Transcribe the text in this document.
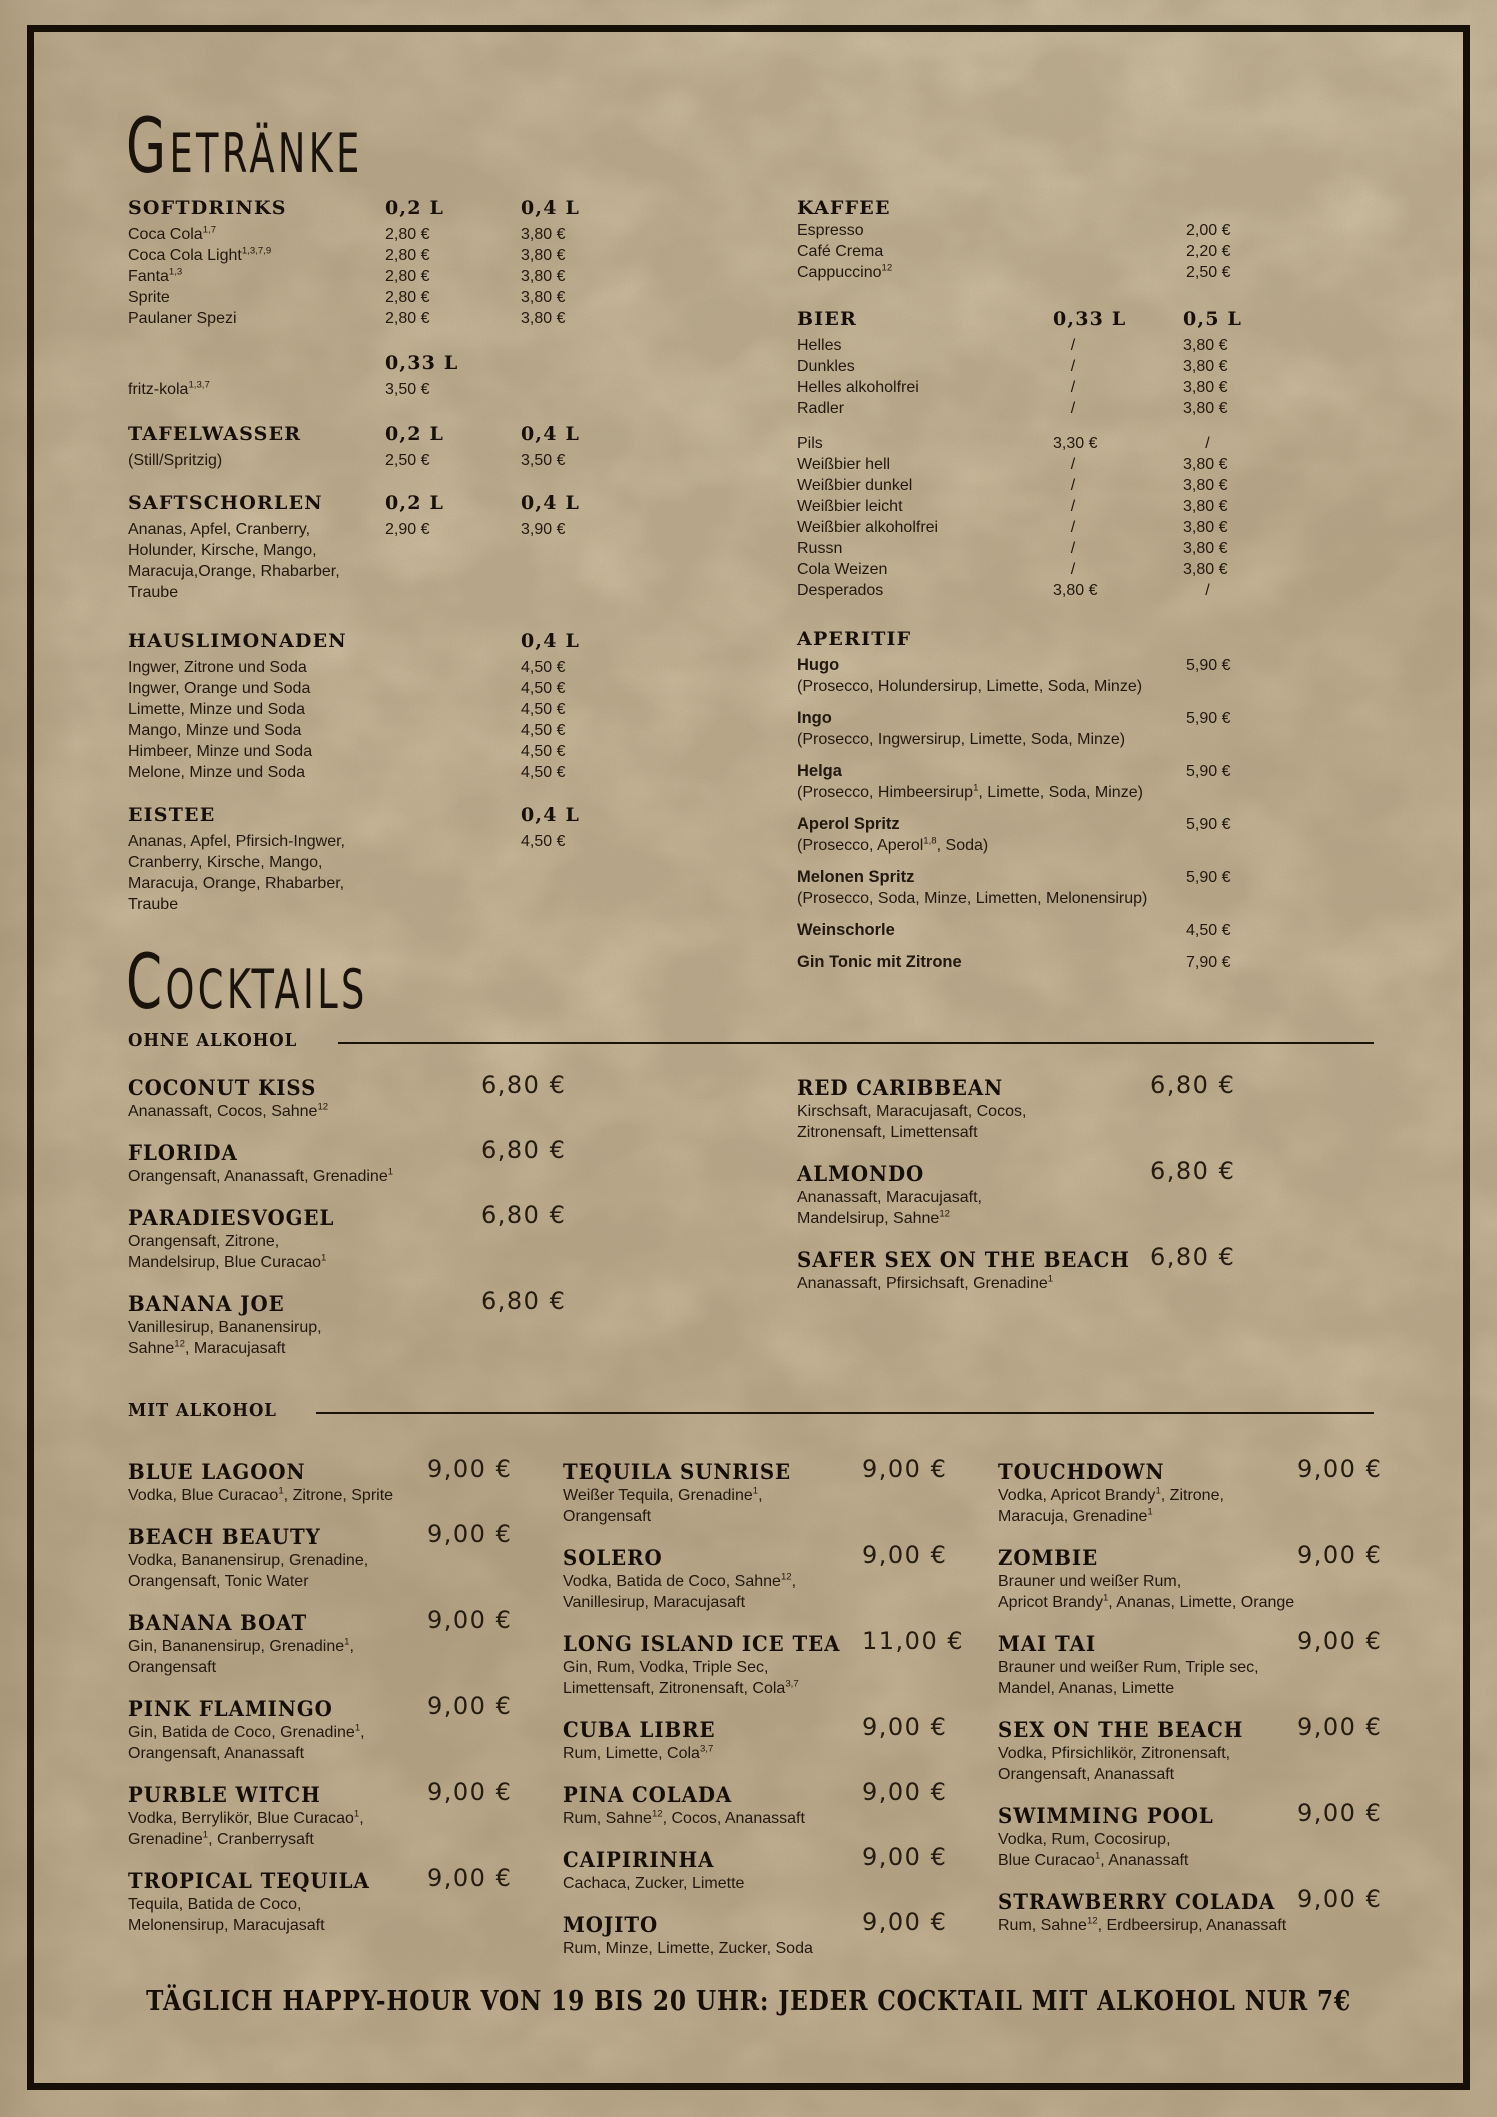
GETRÄNKE
SOFTDRINKS	0,2 L	0,4 L
Coca Cola$^{1,7}$	2,80 €	3,80 €
Coca Cola Light$^{1,3,7,9}$	2,80 €	3,80 €
Fanta$^{1,3}$	2,80 €	3,80 €
Sprite	2,80 €	3,80 €
Paulaner Spezi	2,80 €	3,80 €
0,33 L
fritz-kola$^{1,3,7}$	3,50 €
TAFELWASSER	0,2 L	0,4 L
(Still/Spritzig)	2,50 €	3,50 €
SAFTSCHORLEN	0,2 L	0,4 L
Ananas, Apfel, Cranberry,
Holunder, Kirsche, Mango,
Maracuja,Orange, Rhabarber,
Traube
2,90 €	3,90 €
HAUSLIMONADEN	0,4 L
Ingwer, Zitrone und Soda	4,50 €
Ingwer, Orange und Soda	4,50 €
Limette, Minze und Soda	4,50 €
Mango, Minze und Soda	4,50 €
Himbeer, Minze und Soda	4,50 €
Melone, Minze und Soda	4,50 €
EISTEE	0,4 L
Ananas, Apfel, Pfirsich-Ingwer,
Cranberry, Kirsche, Mango,
Maracuja, Orange, Rhabarber,
Traube
4,50 €
KAFFEE
Espresso	2,00 €
Café Crema	2,20 €
Cappuccino$^{12}$	2,50 €
BIER	0,33 L	0,5 L
Helles	/	3,80 €
Dunkles	/	3,80 €
Helles alkoholfrei	/	3,80 €
Radler	/	3,80 €
Pils	3,30 €	/
Weißbier hell	/	3,80 €
Weißbier dunkel	/	3,80 €
Weißbier leicht	/	3,80 €
Weißbier alkoholfrei	/	3,80 €
Russn	/	3,80 €
Cola Weizen	/	3,80 €
Desperados	3,80 €	/
APERITIF
Hugo	5,90 €
(Prosecco, Holundersirup, Limette, Soda, Minze)
Ingo	5,90 €
(Prosecco, Ingwersirup, Limette, Soda, Minze)
Helga	5,90 €
(Prosecco, Himbeersirup$^1$, Limette, Soda, Minze)
Aperol Spritz	5,90 €
(Prosecco, Aperol$^{1,8}$, Soda)
Melonen Spritz	5,90 €
(Prosecco, Soda, Minze, Limetten, Melonensirup)
Weinschorle	4,50 €
Gin Tonic mit Zitrone	7,90 €
COCKTAILS
OHNE ALKOHOL
COCONUT KISS	6,80 €
Ananassaft, Cocos, Sahne$^{12}$
FLORIDA	6,80 €
Orangensaft, Ananassaft, Grenadine$^1$
PARADIESVOGEL	6,80 €
Orangensaft, Zitrone,
Mandelsirup, Blue Curacao$^1$
BANANA JOE	6,80 €
Vanillesirup, Bananensirup,
Sahne$^{12}$, Maracujasaft
RED CARIBBEAN	6,80 €
Kirschsaft, Maracujasaft, Cocos,
Zitronensaft, Limettensaft
ALMONDO	6,80 €
Ananassaft, Maracujasaft,
Mandelsirup, Sahne$^{12}$
SAFER SEX ON THE BEACH 6,80 €
Ananassaft, Pfirsichsaft, Grenadine$^1$
MIT ALKOHOL
BLUE LAGOON	9,00 €
Vodka, Blue Curacao$^1$, Zitrone, Sprite
BEACH BEAUTY	9,00 €
Vodka, Bananensirup, Grenadine,
Orangensaft, Tonic Water
BANANA BOAT	9,00 €
Gin, Bananensirup, Grenadine$^1$,
Orangensaft
PINK FLAMINGO	9,00 €
Gin, Batida de Coco, Grenadine$^1$,
Orangensaft, Ananassaft
PURBLE WITCH	9,00 €
Vodka, Berrylikör, Blue Curacao$^1$,
Grenadine$^1$, Cranberrysaft
TROPICAL TEQUILA	9,00 €
Tequila, Batida de Coco,
Melonensirup, Maracujasaft
TEQUILA SUNRISE	9,00 €
Weißer Tequila, Grenadine$^1$,
Orangensaft
SOLERO	9,00 €
Vodka, Batida de Coco, Sahne$^{12}$,
Vanillesirup, Maracujasaft
LONG ISLAND ICE TEA 11,00 €
Gin, Rum, Vodka, Triple Sec,
Limettensaft, Zitronensaft, Cola$^{3,7}$
CUBA LIBRE	9,00 €
Rum, Limette, Cola$^{3,7}$
PINA COLADA	9,00 €
Rum, Sahne$^{12}$, Cocos, Ananassaft
CAIPIRINHA	9,00 €
Cachaca, Zucker, Limette
MOJITO	9,00 €
Rum, Minze, Limette, Zucker, Soda
TOUCHDOWN	9,00 €
Vodka, Apricot Brandy$^1$, Zitrone,
Maracuja, Grenadine$^1$
ZOMBIE	9,00 €
Brauner und weißer Rum,
Apricot Brandy$^1$, Ananas, Limette, Orange
MAI TAI	9,00 €
Brauner und weißer Rum, Triple sec,
Mandel, Ananas, Limette
SEX ON THE BEACH	9,00 €
Vodka, Pfirsichlikör, Zitronensaft,
Orangensaft, Ananassaft
SWIMMING POOL	9,00 €
Vodka, Rum, Cocosirup,
Blue Curacao$^1$, Ananassaft
STRAWBERRY COLADA 9,00 €
Rum, Sahne$^{12}$, Erdbeersirup, Ananassaft
TÄGLICH HAPPY-HOUR VON 19 BIS 20 UHR: JEDER COCKTAIL MIT ALKOHOL NUR 7€
